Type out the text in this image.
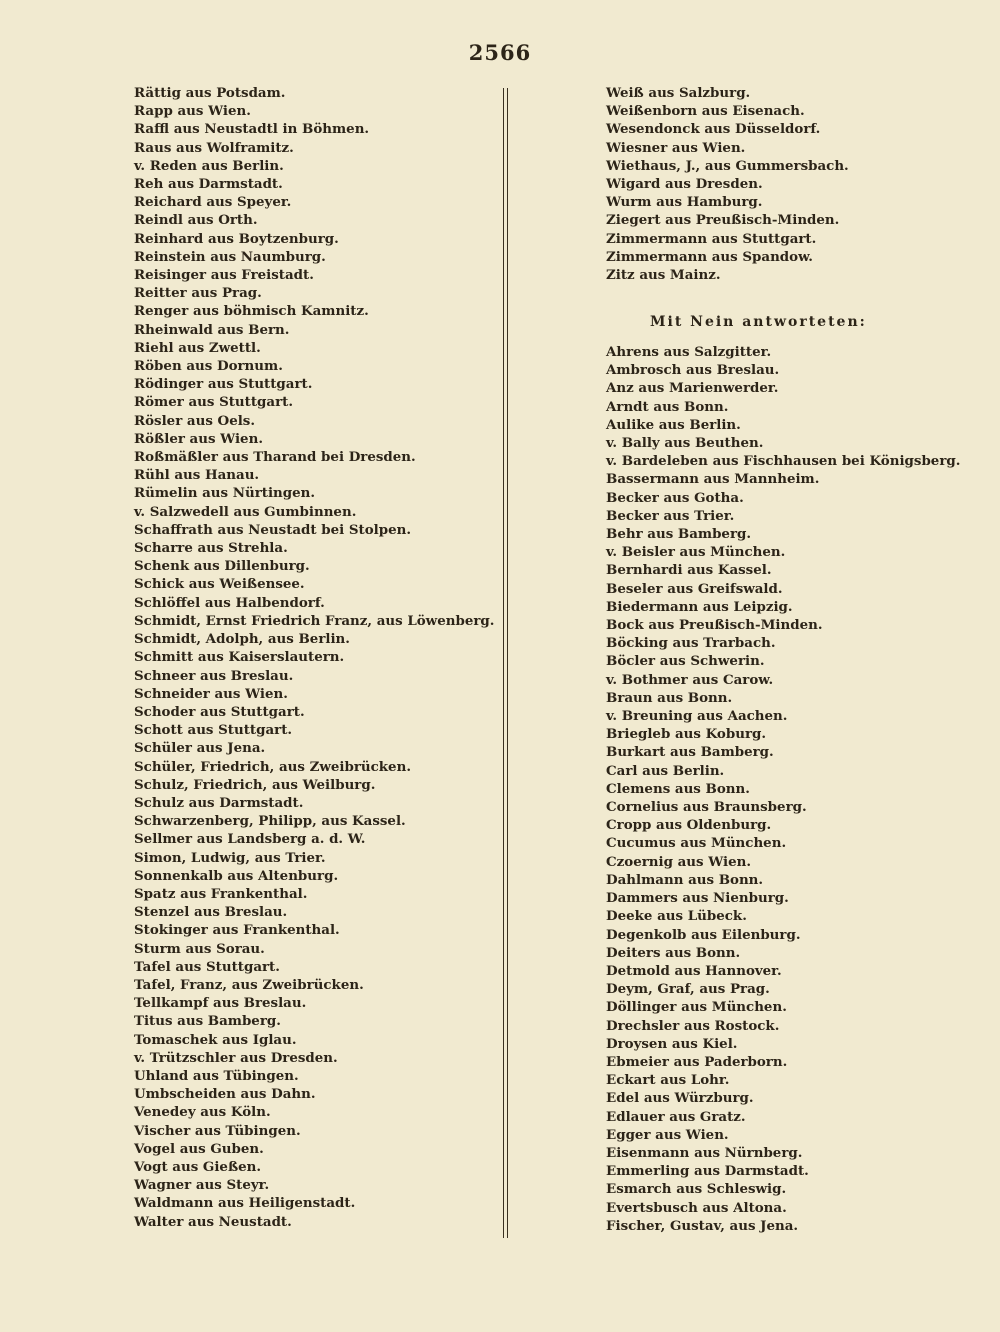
2566
Rättig aus Potsdam.
Rapp aus Wien.
Raffl aus Neustadtl in Böhmen.
Raus aus Wolframitz.
v. Reden aus Berlin.
Reh aus Darmstadt.
Reichard aus Speyer.
Reindl aus Orth.
Reinhard aus Boytzenburg.
Reinstein aus Naumburg.
Reisinger aus Freistadt.
Reitter aus Prag.
Renger aus böhmisch Kamnitz.
Rheinwald aus Bern.
Riehl aus Zwettl.
Röben aus Dornum.
Rödinger aus Stuttgart.
Römer aus Stuttgart.
Rösler aus Oels.
Rößler aus Wien.
Roßmäßler aus Tharand bei Dresden.
Rühl aus Hanau.
Rümelin aus Nürtingen.
v. Salzwedell aus Gumbinnen.
Schaffrath aus Neustadt bei Stolpen.
Scharre aus Strehla.
Schenk aus Dillenburg.
Schick aus Weißensee.
Schlöffel aus Halbendorf.
Schmidt, Ernst Friedrich Franz, aus Löwenberg.
Schmidt, Adolph, aus Berlin.
Schmitt aus Kaiserslautern.
Schneer aus Breslau.
Schneider aus Wien.
Schoder aus Stuttgart.
Schott aus Stuttgart.
Schüler aus Jena.
Schüler, Friedrich, aus Zweibrücken.
Schulz, Friedrich, aus Weilburg.
Schulz aus Darmstadt.
Schwarzenberg, Philipp, aus Kassel.
Sellmer aus Landsberg a. d. W.
Simon, Ludwig, aus Trier.
Sonnenkalb aus Altenburg.
Spatz aus Frankenthal.
Stenzel aus Breslau.
Stokinger aus Frankenthal.
Sturm aus Sorau.
Tafel aus Stuttgart.
Tafel, Franz, aus Zweibrücken.
Tellkampf aus Breslau.
Titus aus Bamberg.
Tomaschek aus Iglau.
v. Trützschler aus Dresden.
Uhland aus Tübingen.
Umbscheiden aus Dahn.
Venedey aus Köln.
Vischer aus Tübingen.
Vogel aus Guben.
Vogt aus Gießen.
Wagner aus Steyr.
Waldmann aus Heiligenstadt.
Walter aus Neustadt.
Weiß aus Salzburg.
Weißenborn aus Eisenach.
Wesendonck aus Düsseldorf.
Wiesner aus Wien.
Wiethaus, J., aus Gummersbach.
Wigard aus Dresden.
Wurm aus Hamburg.
Ziegert aus Preußisch-Minden.
Zimmermann aus Stuttgart.
Zimmermann aus Spandow.
Zitz aus Mainz.
Mit Nein antworteten:
Ahrens aus Salzgitter.
Ambrosch aus Breslau.
Anz aus Marienwerder.
Arndt aus Bonn.
Aulike aus Berlin.
v. Bally aus Beuthen.
v. Bardeleben aus Fischhausen bei Königsberg.
Bassermann aus Mannheim.
Becker aus Gotha.
Becker aus Trier.
Behr aus Bamberg.
v. Beisler aus München.
Bernhardi aus Kassel.
Beseler aus Greifswald.
Biedermann aus Leipzig.
Bock aus Preußisch-Minden.
Böcking aus Trarbach.
Böcler aus Schwerin.
v. Bothmer aus Carow.
Braun aus Bonn.
v. Breuning aus Aachen.
Briegleb aus Koburg.
Burkart aus Bamberg.
Carl aus Berlin.
Clemens aus Bonn.
Cornelius aus Braunsberg.
Cropp aus Oldenburg.
Cucumus aus München.
Czoernig aus Wien.
Dahlmann aus Bonn.
Dammers aus Nienburg.
Deeke aus Lübeck.
Degenkolb aus Eilenburg.
Deiters aus Bonn.
Detmold aus Hannover.
Deym, Graf, aus Prag.
Döllinger aus München.
Drechsler aus Rostock.
Droysen aus Kiel.
Ebmeier aus Paderborn.
Eckart aus Lohr.
Edel aus Würzburg.
Edlauer aus Gratz.
Egger aus Wien.
Eisenmann aus Nürnberg.
Emmerling aus Darmstadt.
Esmarch aus Schleswig.
Evertsbusch aus Altona.
Fischer, Gustav, aus Jena.
